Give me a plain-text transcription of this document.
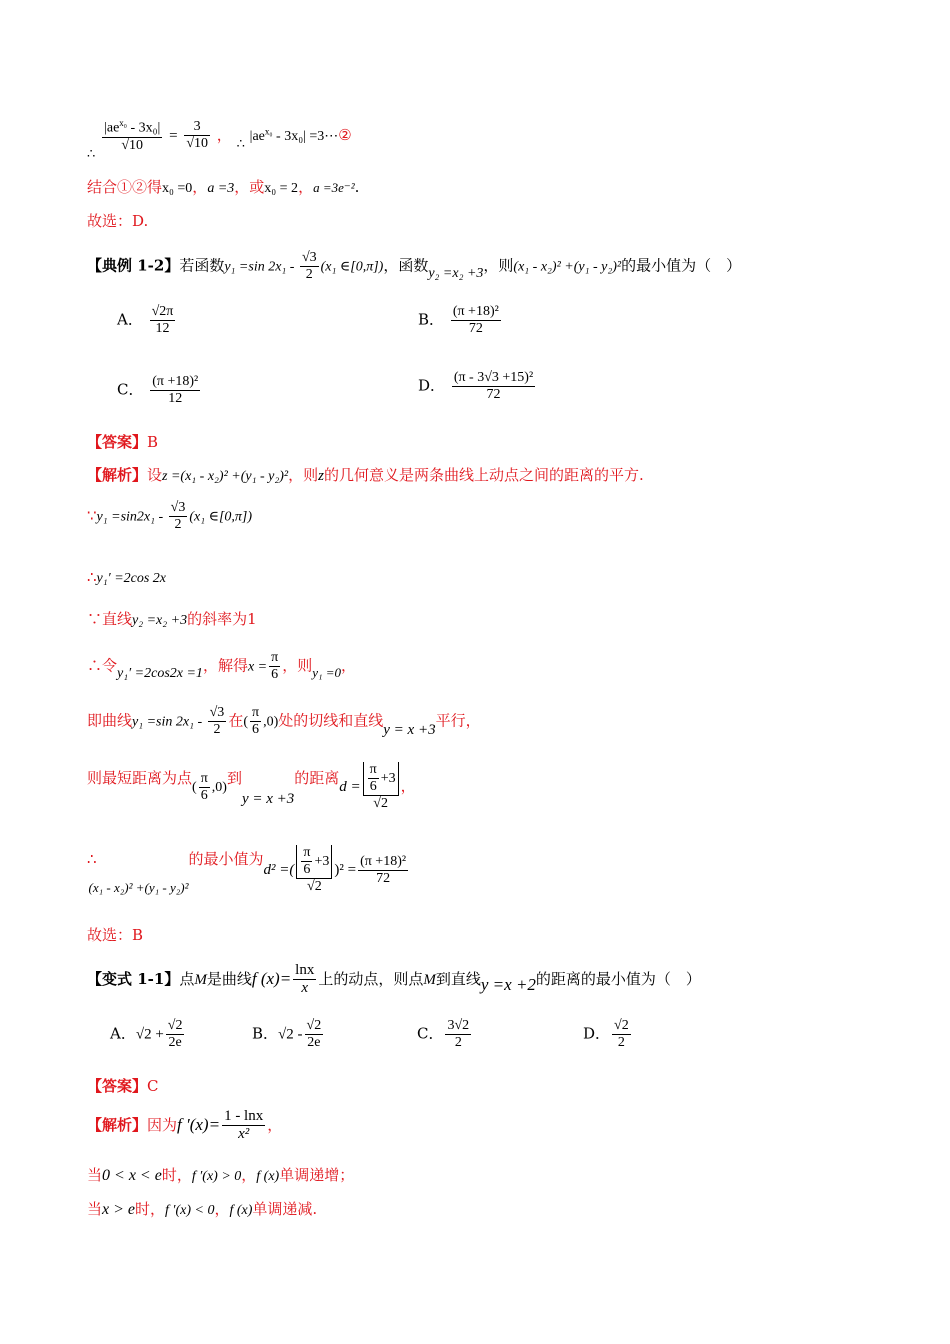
∴
$\frac{|ae^{x_0} - 3x_0|}{√10} = \frac{3}{√10}$ ， ∴ $|ae^{x_0} - 3x_0|$ =3⋯②
结合①②得x₀ =0，a =3，或x₀ = 2，a =3e⁻².
故选：D.
【典例 1-2】若函数y₁ =sin $2x_1 - \frac{√3}{2} (x_1$ ∈[0,π])，函数y₂ =x₂ +3，则(x₁ - x₂)² +(y₁ - y₂)²的最小值为（　）
A． $\frac{√2\pi}{12}$	B． $\frac{\text{(π +18)²}}{72}$
C． $\frac{\text{(π +18)²}}{12}$	D． $\frac{\text{(π - 3√3 +15)²}}{72}$
【答案】B
【解析】设z =(x₁ - x₂)² +(y₁ - y₂)²，则z的几何意义是两条曲线上动点之间的距离的平方.
∵y₁ $=\sin 2x_1 - \frac{√3}{2} (x_1$ ∈[0,π])
∴y₁′ =2cos 2x
∵直线y₂ =x₂ +3的斜率为1
∴令y₁′ =2cos2x =1，解得$x = \frac{\pi}{6}$ ，则y₁ =0，
即曲线y₁ =sin $2x_1 - \frac{√3}{2}$ 在( $\frac{\pi}{6} ,0$)处的切线和直线y = x +3平行，
则最短距离为点( $\frac{\pi}{6} ,0$)到y = x +3的距离$d = \frac{\frac{\pi}{6} +3}{√2}$ ，
∴(x₁ - x₂)² +(y₁ - y₂)²的最小值为d² =( $\frac{\frac{\pi}{6} +3}{√2} )^2 = \frac{\text{(π +18)²}}{72}$
故选：B
【变式 1-1】点M是曲线f $(x)= \frac{\ln x}{x}$ 上的动点，则点M到直线y =x +2的距离的最小值为（　）
A．$√2 + \frac{√2}{2e}$	B．$√2 - \frac{√2}{2e}$	C． $\frac{3√2}{2}$	D． $\frac{√2}{2}$
【答案】C
【解析】因为f $'(x)= \frac{1 - \ln x}{\text{x²}}$ ，
当0 < x < e时，f ′(x) > 0，f (x)单调递增；
当x > e时，f ′(x) < 0，f (x)单调递减.
